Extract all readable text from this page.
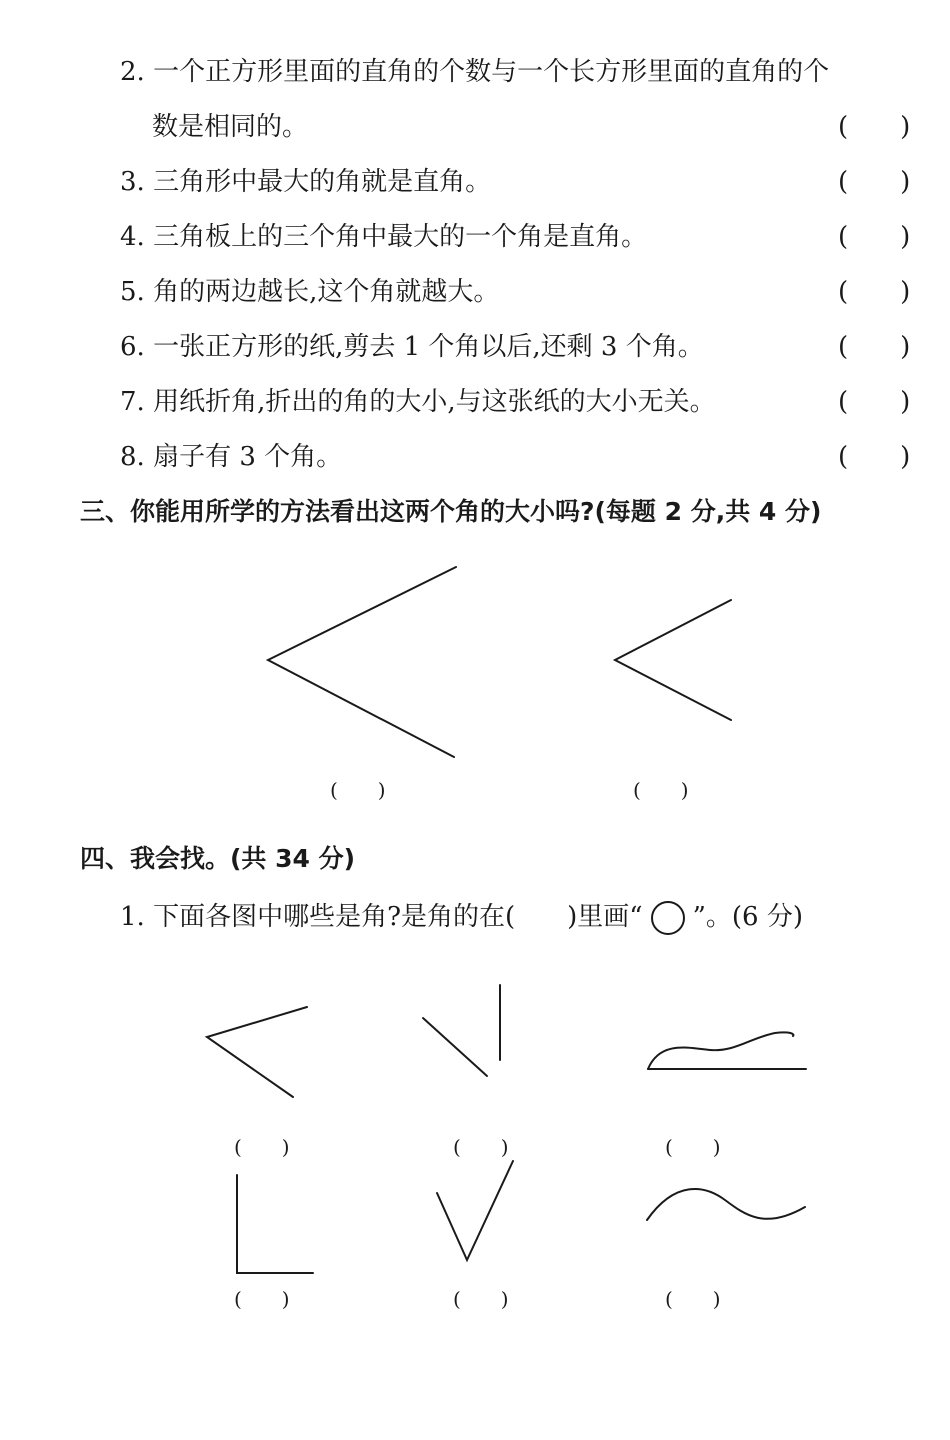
2. 一个正方形里面的直角的个数与一个长方形里面的直角的个
数是相同的。	(　　)
3. 三角形中最大的角就是直角。	(　　)
4. 三角板上的三个角中最大的一个角是直角。	(　　)
5. 角的两边越长,这个角就越大。	(　　)
6. 一张正方形的纸,剪去 1 个角以后,还剩 3 个角。	(　　)
7. 用纸折角,折出的角的大小,与这张纸的大小无关。	(　　)
8. 扇子有 3 个角。	(　　)
三、你能用所学的方法看出这两个角的大小吗?(每题 2 分,共 4 分)
(　　)	(　　)
四、我会找。(共 34 分)
1. 下面各图中哪些是角?是角的在(　　)里画“ ”。(6 分)
(　　)	(　　)	(　　)
(　　)	(　　)	(　　)
